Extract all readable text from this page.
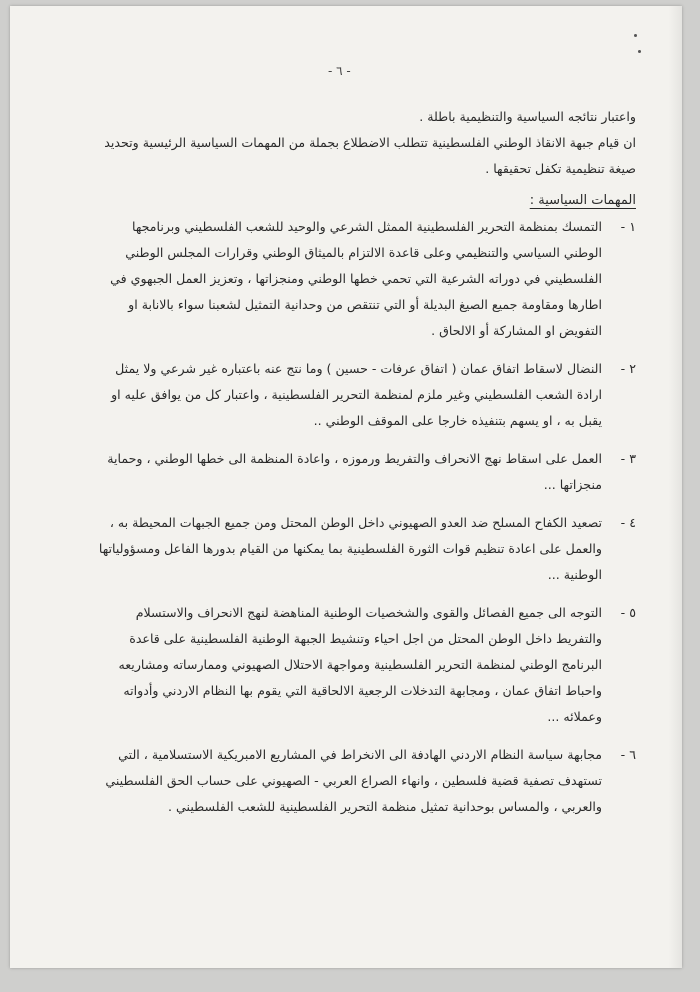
- ٦ -

واعتبار نتائجه السياسية والتنظيمية باطلة .

ان قيام جبهة الانقاذ الوطني الفلسطينية تتطلب الاضطلاع بجملة من المهمات السياسية الرئيسية وتحديد صيغة تنظيمية تكفل تحقيقها .

المهمات السياسية :

١ -

التمسك بمنظمة التحرير الفلسطينية الممثل الشرعي والوحيد للشعب الفلسطيني وبرنامجها الوطني السياسي والتنظيمي وعلى قاعدة الالتزام بالميثاق الوطني وقرارات المجلس الوطني الفلسطيني في دوراته الشرعية التي تحمي خطها الوطني ومنجزاتها ، وتعزيز العمل الجبهوي في اطارها ومقاومة جميع الصيغ البديلة أو التي تنتقص من وحدانية التمثيل لشعبنا سواء بالانابة او التفويض او المشاركة أو الالحاق .

٢ -

النضال لاسقاط اتفاق عمان ( اتفاق عرفات - حسين ) وما نتج عنه باعتباره غير شرعي ولا يمثل ارادة الشعب الفلسطيني وغير ملزم لمنظمة التحرير الفلسطينية ، واعتبار كل من يوافق عليه او يقبل به ، او يسهم بتنفيذه خارجا على الموقف الوطني ..

٣ -

العمل على اسقاط نهج الانحراف والتفريط ورموزه ، واعادة المنظمة الى خطها الوطني ، وحماية منجزاتها ...

٤ -

تصعيد الكفاح المسلح ضد العدو الصهيوني داخل الوطن المحتل ومن جميع الجبهات المحيطة به ، والعمل على اعادة تنظيم قوات الثورة الفلسطينية بما يمكنها من القيام بدورها الفاعل ومسؤولياتها الوطنية ...

٥ -

التوجه الى جميع الفصائل والقوى والشخصيات الوطنية المناهضة لنهج الانحراف والاستسلام والتفريط داخل الوطن المحتل من اجل احياء وتنشيط الجبهة الوطنية الفلسطينية على قاعدة البرنامج الوطني لمنظمة التحرير الفلسطينية ومواجهة الاحتلال الصهيوني وممارساته ومشاريعه واحباط اتفاق عمان ، ومجابهة التدخلات الرجعية الالحاقية التي يقوم بها النظام الاردني وأدواته وعملائه ...

٦ -

مجابهة سياسة النظام الاردني الهادفة الى الانخراط في المشاريع الامبريكية الاستسلامية ، التي تستهدف تصفية قضية فلسطين ، وانهاء الصراع العربي - الصهيوني على حساب الحق الفلسطيني والعربي ، والمساس بوحدانية تمثيل منظمة التحرير الفلسطينية للشعب الفلسطيني .
